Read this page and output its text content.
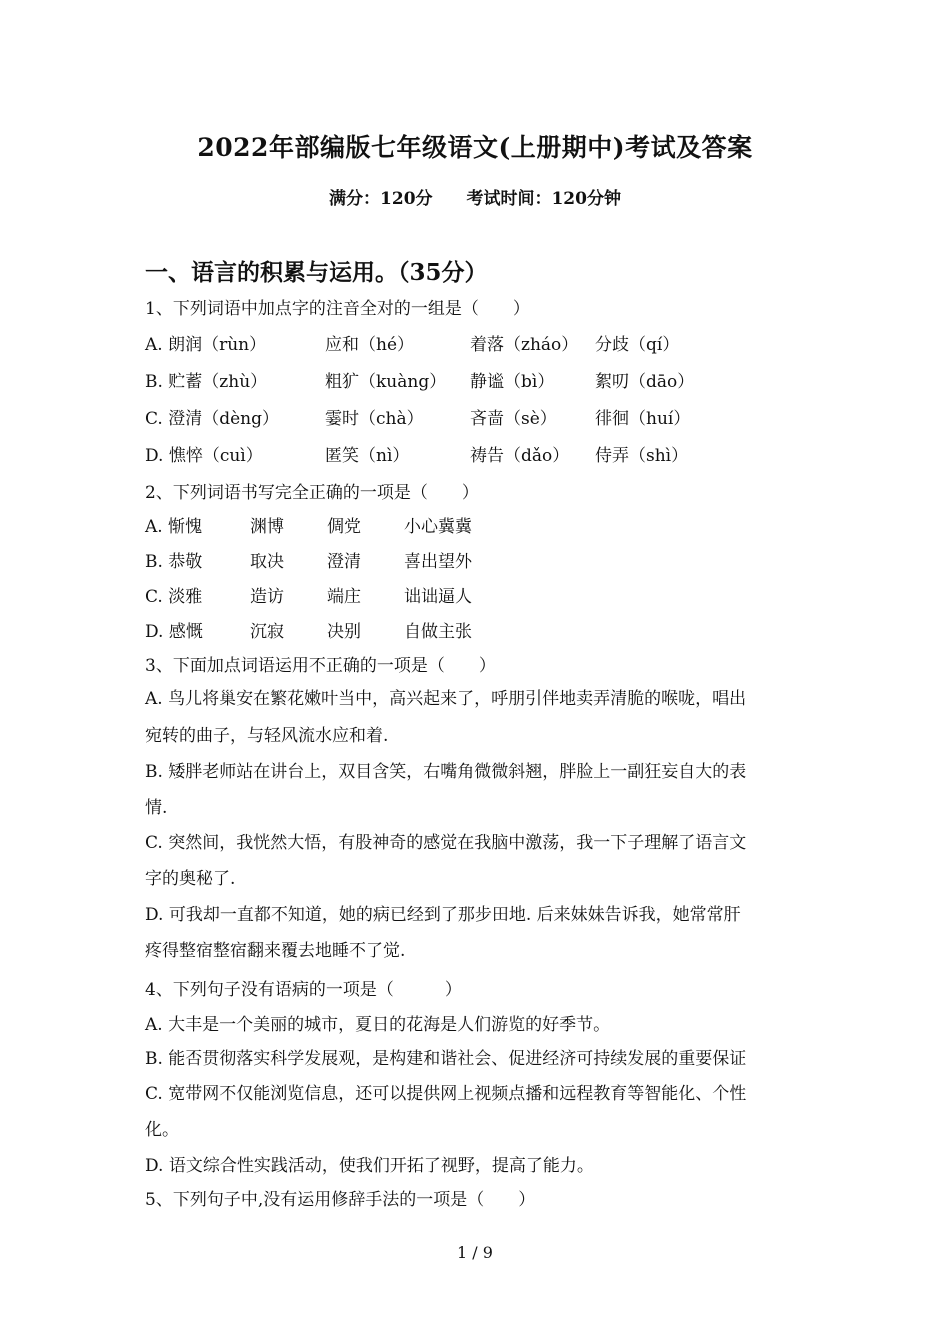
2022年部编版七年级语文(上册期中)考试及答案
满分：120分 考试时间：120分钟
一、语言的积累与运用。（35分）
1、下列词语中加点字的注音全对的一组是（　　）
A. 朗润（rùn）	应和（hé）	着落（zháo） 分歧（qí）
B. 贮蓄（zhù）	粗犷（kuàng） 静谧（bì） 絮叨（dāo）
C. 澄清（dèng）	霎时（chà）	吝啬（sè） 徘徊（huí）
D. 憔悴（cuì）	匿笑（nì）	祷告（dǎo） 侍弄（shì）
2、下列词语书写完全正确的一项是（　　）
A. 惭愧	渊博	倜党	小心冀冀
B. 恭敬	取决	澄清	喜出望外
C. 淡雅	造访	端庄	诎诎逼人
D. 感慨	沉寂	决别	自做主张
3、下面加点词语运用不正确的一项是（　　）
A. 鸟儿将巢安在繁花嫩叶当中，高兴起来了，呼朋引伴地卖弄清脆的喉咙，唱出
宛转的曲子，与轻风流水应和着.
B. 矮胖老师站在讲台上，双目含笑，右嘴角微微斜翘，胖脸上一副狂妄自大的表
情.
C. 突然间，我恍然大悟，有股神奇的感觉在我脑中激荡，我一下子理解了语言文
字的奥秘了.
D. 可我却一直都不知道，她的病已经到了那步田地. 后来妹妹告诉我，她常常肝
疼得整宿整宿翻来覆去地睡不了觉.
4、下列句子没有语病的一项是（　　　）
A. 大丰是一个美丽的城市，夏日的花海是人们游览的好季节。
B. 能否贯彻落实科学发展观，是构建和谐社会、促进经济可持续发展的重要保证
C. 宽带网不仅能浏览信息，还可以提供网上视频点播和远程教育等智能化、个性
化。
D. 语文综合性实践活动，使我们开拓了视野，提高了能力。
5、下列句子中,没有运用修辞手法的一项是（　　）
1 / 9
